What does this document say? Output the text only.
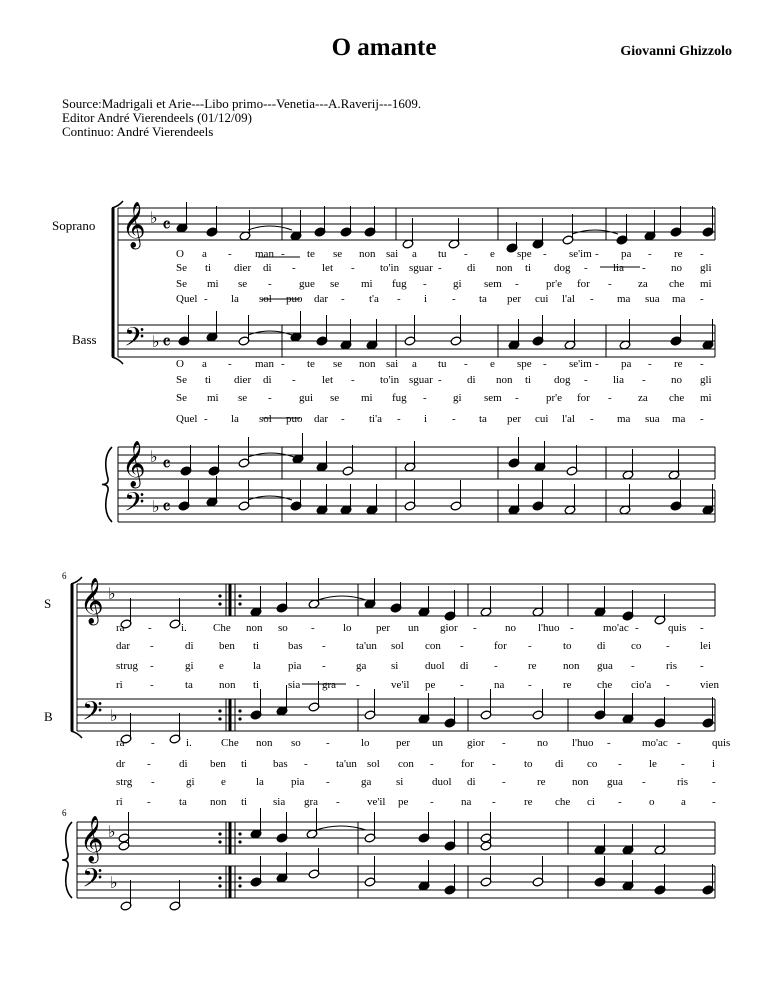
O amante	Giovanni Ghizzolo
Source:Madrigali et Arie---Libo primo---Venetia---A.Raverij---1609.
Editor André Vierendeels (01/12/09)
Continuo: André Vierendeels
Soprano
Bass
S
B
6
6
𝄞 ♭ 𝄴
𝄞 ♭ 𝄴
𝄢 ♭ 𝄴
𝄢 ♭ 𝄴
𝄞 ♭
𝄞 ♭
𝄢 ♭
𝄢 ♭
O a - man - te se non sai a tu - e spe - se'im - pa - re -
Se ti dier di - let - to'in sguar - di non ti dog - lia - no gli
Se mi se - gue se mi fug - gi sem - pr'e for - za che mi
Quel - la sol puo dar - t'a - i - ta per cui l'al - ma sua ma -
O a - man - te se non sai a tu - e spe - se'im - pa - re -
Se ti dier di - let - to'in sguar - di non ti dog - lia - no gli
Se mi se - gui se mi fug - gi sem - pr'e for - za che mi
Quel - la sol puo dar - ti'a - i - ta per cui l'al - ma sua ma -
ra -	i. Che non so -	lo per un gior -	no l'huo -	mo'ac -	quis -
dar -	di ben ti	bas -	ta'un sol con -	for -	to di co -	lei
strug -	gi e	la pia -	ga si duol di -	re non gua -	ris -
ri -	ta non ti	sia gra -	ve'il pe -	na -	re che cio'a -	vien
ra -	i.	Che non so -	lo per un gior -	no l'huo -	mo'ac -	quis
dr -	di ben ti bas -	ta'un sol con - for -	to di co - le - i
strg -	gi e	la pia -	ga si	duol di -	re non gua -	ris -
ri -	ta non ti sia gra - ve'il pe - na -	re che ci - o a -
